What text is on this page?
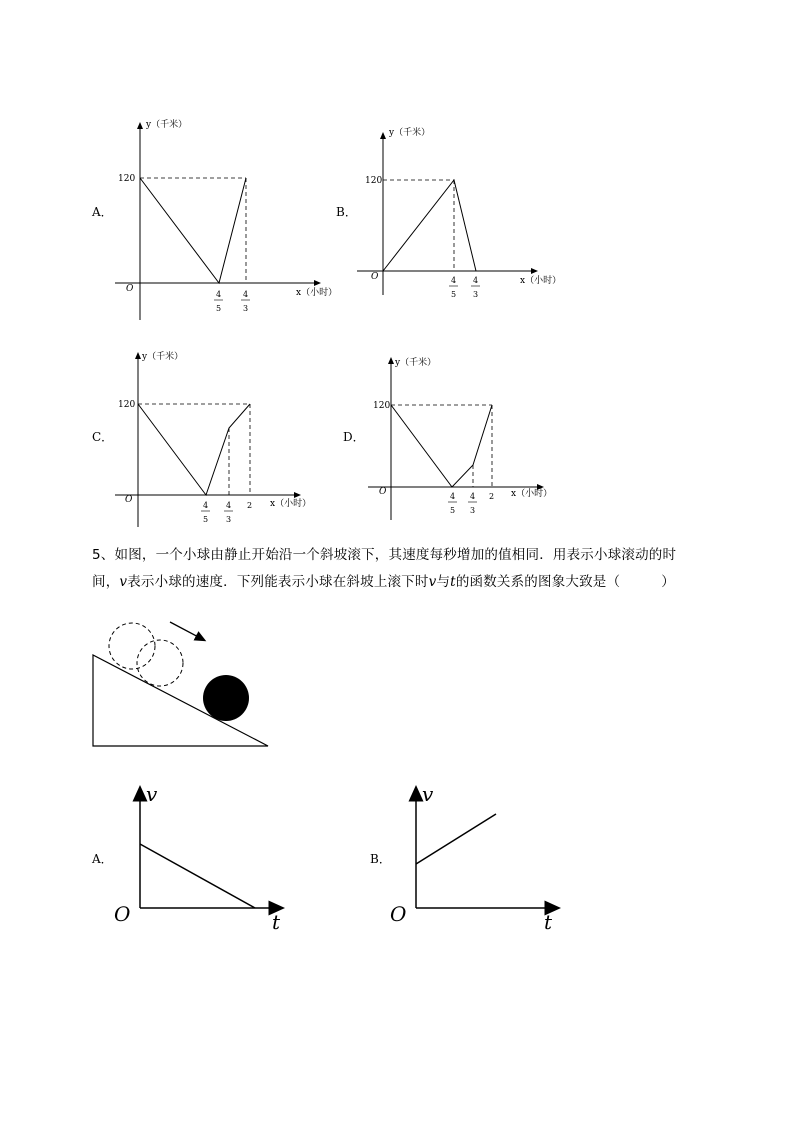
A．	B．
C．	D．
y（千米）
x（小时）
O
120
4
5
4
3
y（千米）
x（小时）
O
120
4
5
4
3
y（千米）
x（小时）
O
120
4
5
4
3
2
y（千米）
x（小时）
O
120
4
5
4
3
2
5、如图，一个小球由静止开始沿一个斜坡滚下，其速度每秒增加的值相同．用表示小球滚动的时
间，v表示小球的速度．下列能表示小球在斜坡上滚下时v与t的函数关系的图象大致是（　　　）
A．	B．
v
t
O
v
t
O
